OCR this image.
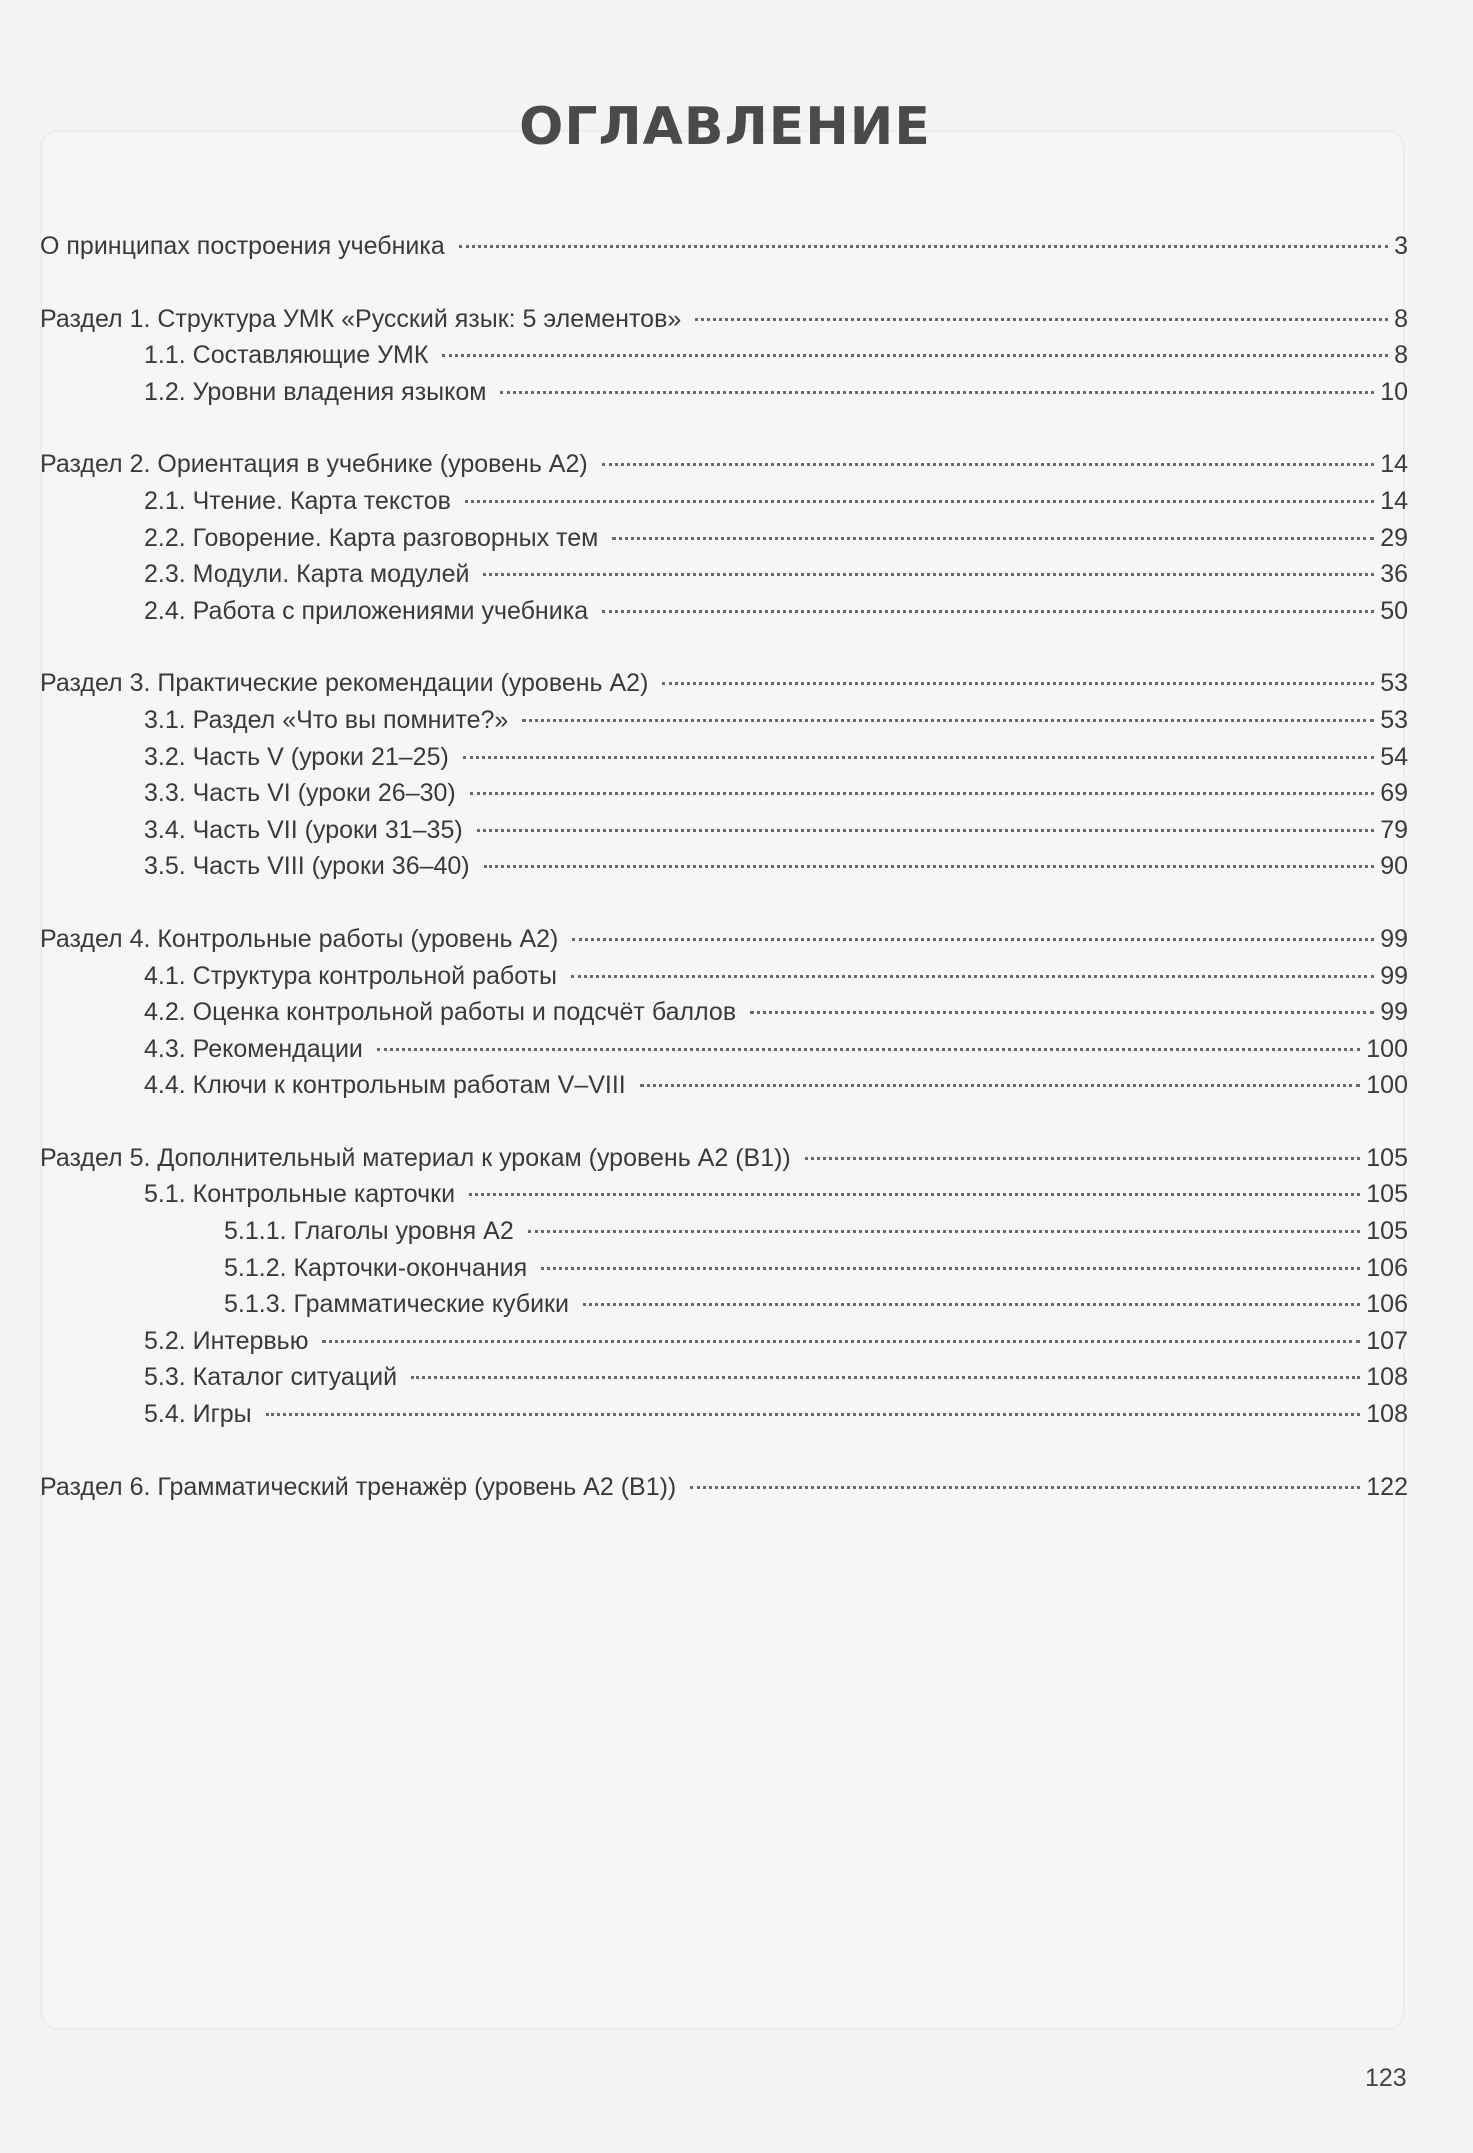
ОГЛАВЛЕНИЕ
О принципах построения учебника	3
Раздел 1. Структура УМК «Русский язык: 5 элементов»	8
1.1. Составляющие УМК	8
1.2. Уровни владения языком	10
Раздел 2. Ориентация в учебнике (уровень А2)	14
2.1. Чтение. Карта текстов	14
2.2. Говорение. Карта разговорных тем	29
2.3. Модули. Карта модулей	36
2.4. Работа с приложениями учебника	50
Раздел 3. Практические рекомендации (уровень А2)	53
3.1. Раздел «Что вы помните?»	53
3.2. Часть V (уроки 21–25)	54
3.3. Часть VI (уроки 26–30)	69
3.4. Часть VII (уроки 31–35)	79
3.5. Часть VIII (уроки 36–40)	90
Раздел 4. Контрольные работы (уровень А2)	99
4.1. Структура контрольной работы	99
4.2. Оценка контрольной работы и подсчёт баллов	99
4.3. Рекомендации	100
4.4. Ключи к контрольным работам V–VIII	100
Раздел 5. Дополнительный материал к урокам (уровень А2 (В1))	105
5.1. Контрольные карточки	105
5.1.1. Глаголы уровня А2	105
5.1.2. Карточки-окончания	106
5.1.3. Грамматические кубики	106
5.2. Интервью	107
5.3. Каталог ситуаций	108
5.4. Игры	108
Раздел 6. Грамматический тренажёр (уровень А2 (В1))	122
123
